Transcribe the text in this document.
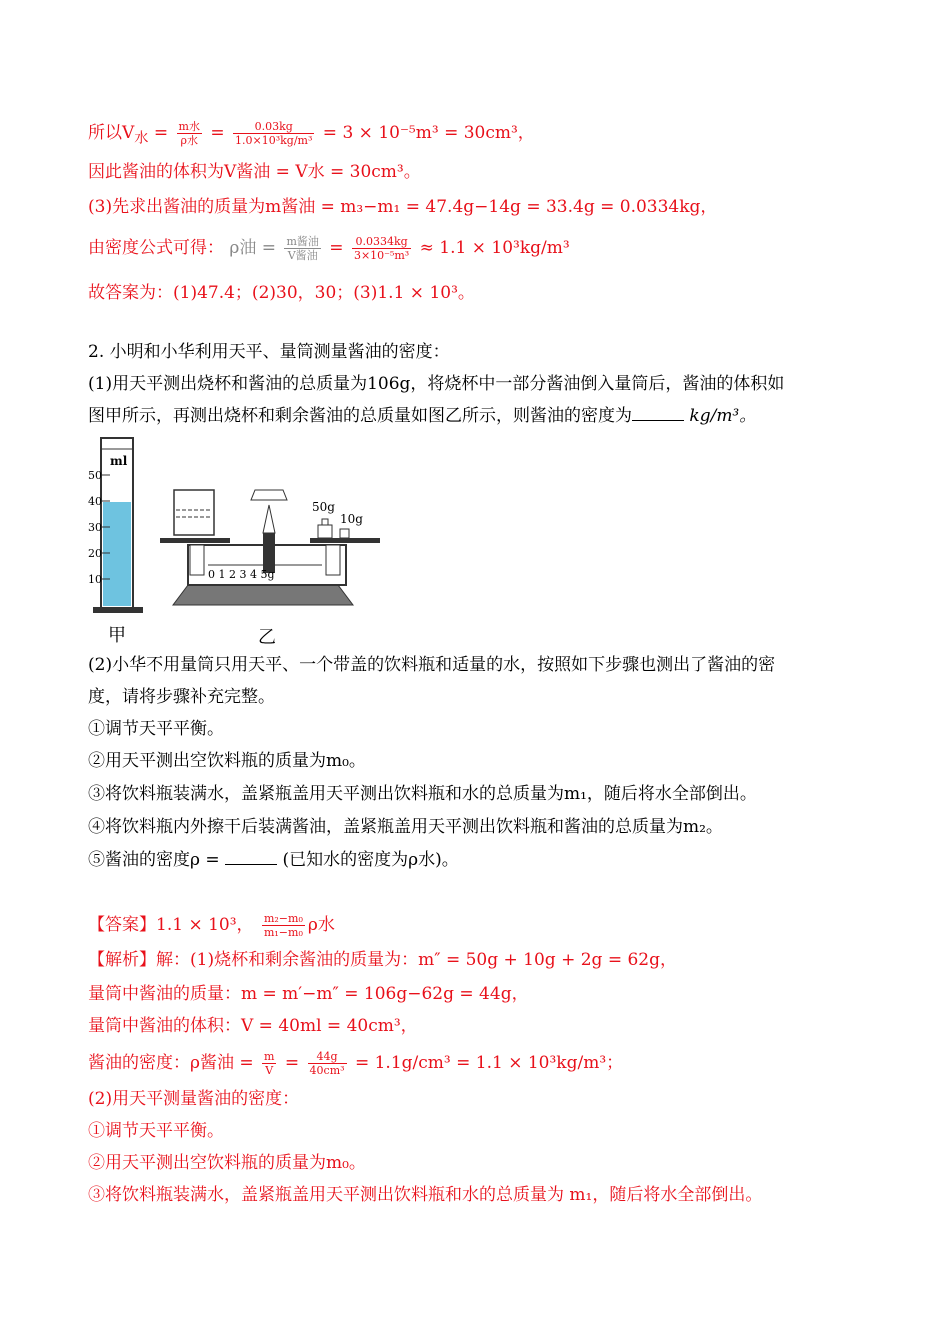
所以$V_水 = \frac{\text{m水}}{\text{ρ水}} = \frac{0.03kg}{\text{1.0×10³kg/m³}} = 3 \times 10^{-5}m^3 = 30cm^3$，
因此酱油的体积为V酱油 = V水 = 30cm³。
(3)先求出酱油的质量为m酱油 = m₃−m₁ = 47.4g−14g = 33.4g = 0.0334kg，
由密度公式可得： ρ油 = $\frac{\text{m酱油}}{\text{V酱油}} = \frac{0.0334kg}{\text{3×10⁻⁵m³}} \approx 1.1 \times 10^3kg/m^3$
故答案为：(1)47.4；(2)30，30；(3)1.1 × 10³。
2. 小明和小华利用天平、量筒测量酱油的密度：
(1)用天平测出烧杯和酱油的总质量为106g，将烧杯中一部分酱油倒入量筒后，酱油的体积如
图甲所示，再测出烧杯和剩余酱油的总质量如图乙所示，则酱油的密度为	kg/m³。
ml
50
40
30
20
10	0 1 2 3 4 5g
50g
10g
甲	乙
(2)小华不用量筒只用天平、一个带盖的饮料瓶和适量的水，按照如下步骤也测出了酱油的密
度，请将步骤补充完整。
①调节天平平衡。
②用天平测出空饮料瓶的质量为m₀。
③将饮料瓶装满水，盖紧瓶盖用天平测出饮料瓶和水的总质量为m₁，随后将水全部倒出。
④将饮料瓶内外擦干后装满酱油，盖紧瓶盖用天平测出饮料瓶和酱油的总质量为m₂。
⑤酱油的密度ρ =	(已知水的密度为ρ水)。
【答案】1.1 × 10³， $\frac{\text{m₂−m₀}}{\text{m₁−m₀}}$ ρ水
【解析】解：(1)烧杯和剩余酱油的质量为：m″ = 50g + 10g + 2g = 62g，
量筒中酱油的质量：m = m′−m″ = 106g−62g = 44g，
量筒中酱油的体积：V = 40ml = 40cm³，
酱油的密度：ρ酱油 = $\frac{m}{V} = \frac{44g}{\text{40cm³}} = 1.1g/cm^3 = 1.1 \times 10^3kg/m^3$；
(2)用天平测量酱油的密度：
①调节天平平衡。
②用天平测出空饮料瓶的质量为m₀。
③将饮料瓶装满水，盖紧瓶盖用天平测出饮料瓶和水的总质量为 m₁，随后将水全部倒出。
